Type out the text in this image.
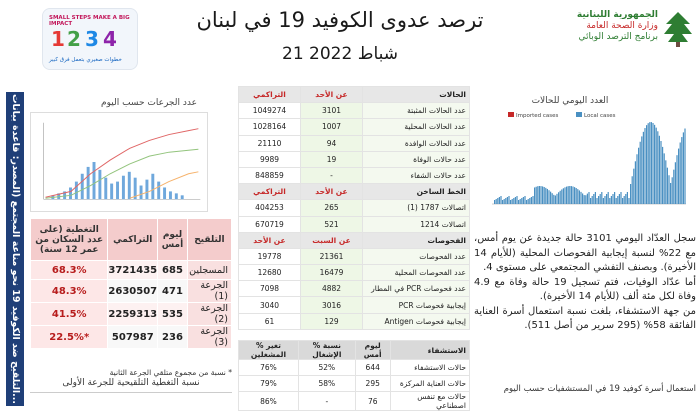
ترصد عدوى الكوفيد 19 في لبنان
21 شباط 2022
الجمهورية اللبنانية
وزارة الصحة العامة
برنامج الترصد الوبائي
SMALL STEPS MAKE A BIG IMPACT
1 2 3 4
خطوات صغيري بتعمل فرق كبير
التلقيح ضد الكوفيد 19 نحو مناعة المجتمع (المصدر: قاعدة بيانات...
عدد الجرعات حسب اليوم
التغطية (على عدد السكان من عمر 12 سنة)	التراكمي	ليوم أمس	التلقيح
68.3%	3721435	685	المسجلين
48.3%	2630507	471	الجرعة (1)
41.5%	2259313	535	الجرعة (2)
22.5%*	507987	236	الجرعة (3)
* نسبة من مجموع متلقي الجرعة الثانية
نسبة التغطية التلقيحية للجرعة الأولى
التراكمي	عن الأحد	الحالات
1049274	3101	عدد الحالات المثبتة
1028164	1007	عدد الحالات المحلية
21110	94	عدد الحالات الوافدة
9989	19	عدد حالات الوفاة
848859	-	عدد حالات الشفاء
التراكمي	عن الأحد	الخط الساخن
404253	265	اتصالات 1787 (1)
670719	521	اتصالات 1214
عن الأحد	عن السبت	الفحوصات
19778	21361	عدد الفحوصات
12680	16479	عدد الفحوصات المحلية
7098	4882	عدد فحوصات PCR في المطار
3040	3016	إيجابية فحوصات PCR
61	129	إيجابية فحوصات Antigen
% تغير المشغلين	% نسبة الإشغال	ليوم أمس	الاستشفاء
76%	52%	644	حالات الاستشفاء
79%	58%	295	حالات العناية المركزة
86%	-	76	حالات مع تنفس اصطناعي
العدد اليومي للحالات
Imported cases	Local cases
سجل العدّاد اليومي 3101 حالة جديدة عن يوم أمس، مع 22% لنسبة إيجابية الفحوصات المحلية (للأيام 14 الأخيرة). وبصنف التفشي المجتمعي على مستوى 4.
أما عدّاد الوفيات، فتم تسجيل 19 حالة وفاة مع 4.9 وفاة لكل مئة ألف (للأيام 14 الأخيرة).
من جهة الاستشفاء، بلغت نسبة استعمال أسرة العناية الفائقة 58% (295 سرير من أصل 511).
استعمال أسرة كوفيد 19 في المستشفيات حسب اليوم
